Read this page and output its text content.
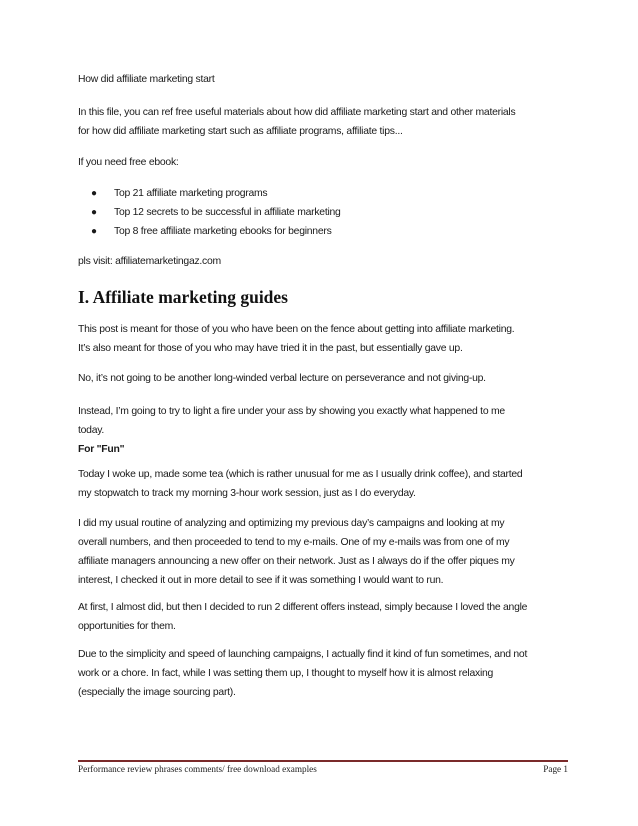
How did affiliate marketing start

In this file, you can ref free useful materials about how did affiliate marketing start and other materials
for how did affiliate marketing start such as affiliate programs, affiliate tips...

If you need free ebook:

● Top 21 affiliate marketing programs
● Top 12 secrets to be successful in affiliate marketing
● Top 8 free affiliate marketing ebooks for beginners

pls visit: affiliatemarketingaz.com

I. Affiliate marketing guides
This post is meant for those of you who have been on the fence about getting into affiliate marketing.
It’s also meant for those of you who may have tried it in the past, but essentially gave up.

No, it’s not going to be another long-winded verbal lecture on perseverance and not giving-up.

Instead, I’m going to try to light a fire under your ass by showing you exactly what happened to me
today.
For "Fun"
Today I woke up, made some tea (which is rather unusual for me as I usually drink coffee), and started
my stopwatch to track my morning 3-hour work session, just as I do everyday.
I did my usual routine of analyzing and optimizing my previous day’s campaigns and looking at my
overall numbers, and then proceeded to tend to my e-mails. One of my e-mails was from one of my
affiliate managers announcing a new offer on their network. Just as I always do if the offer piques my
interest, I checked it out in more detail to see if it was something I would want to run.
At first, I almost did, but then I decided to run 2 different offers instead, simply because I loved the angle
opportunities for them.
Due to the simplicity and speed of launching campaigns, I actually find it kind of fun sometimes, and not
work or a chore. In fact, while I was setting them up, I thought to myself how it is almost relaxing
(especially the image sourcing part).
Performance review phrases comments/ free download examples	Page 1
